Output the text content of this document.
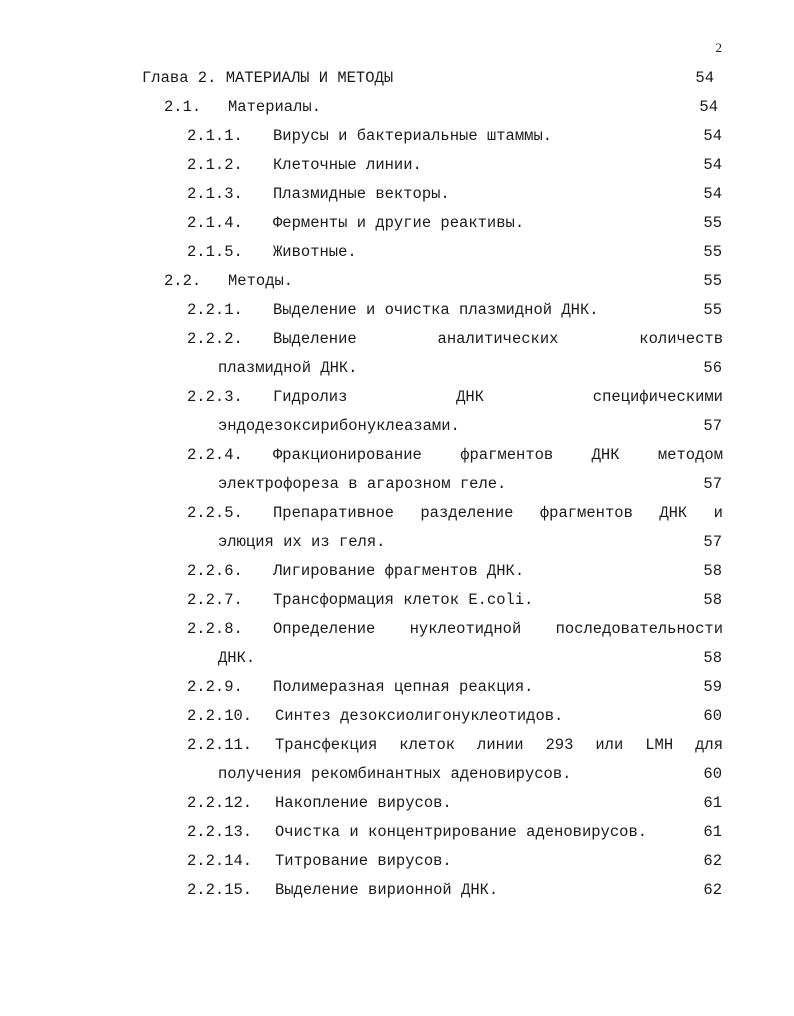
2
Глава 2. МАТЕРИАЛЫ И МЕТОДЫ	54
2.1. Материалы.	54
2.1.1. Вирусы и бактериальные штаммы.	54
2.1.2. Клеточные линии.	54
2.1.3. Плазмидные векторы.	54
2.1.4. Ферменты и другие реактивы.	55
2.1.5. Животные.	55
2.2. Методы.	55
2.2.1. Выделение и очистка плазмидной ДНК.	55
2.2.2. Выделение аналитических количеств
плазмидной ДНК.	56
2.2.3. Гидролиз ДНК специфическими
эндодезоксирибонуклеазами.	57
2.2.4. Фракционирование фрагментов ДНК методом
электрофореза в агарозном геле.	57
2.2.5. Препаративное разделение фрагментов ДНК и
элюция их из геля.	57
2.2.6. Лигирование фрагментов ДНК.	58
2.2.7. Трансформация клеток E.coli.	58
2.2.8. Определение нуклеотидной последовательности
ДНК.	58
2.2.9. Полимеразная цепная реакция.	59
2.2.10. Синтез дезоксиолигонуклеотидов.	60
2.2.11. Трансфекция клеток линии 293 или LMH для
получения рекомбинантных аденовирусов.	60
2.2.12. Накопление вирусов.	61
2.2.13. Очистка и концентрирование аденовирусов.	61
2.2.14. Титрование вирусов.	62
2.2.15. Выделение вирионной ДНК.	62
